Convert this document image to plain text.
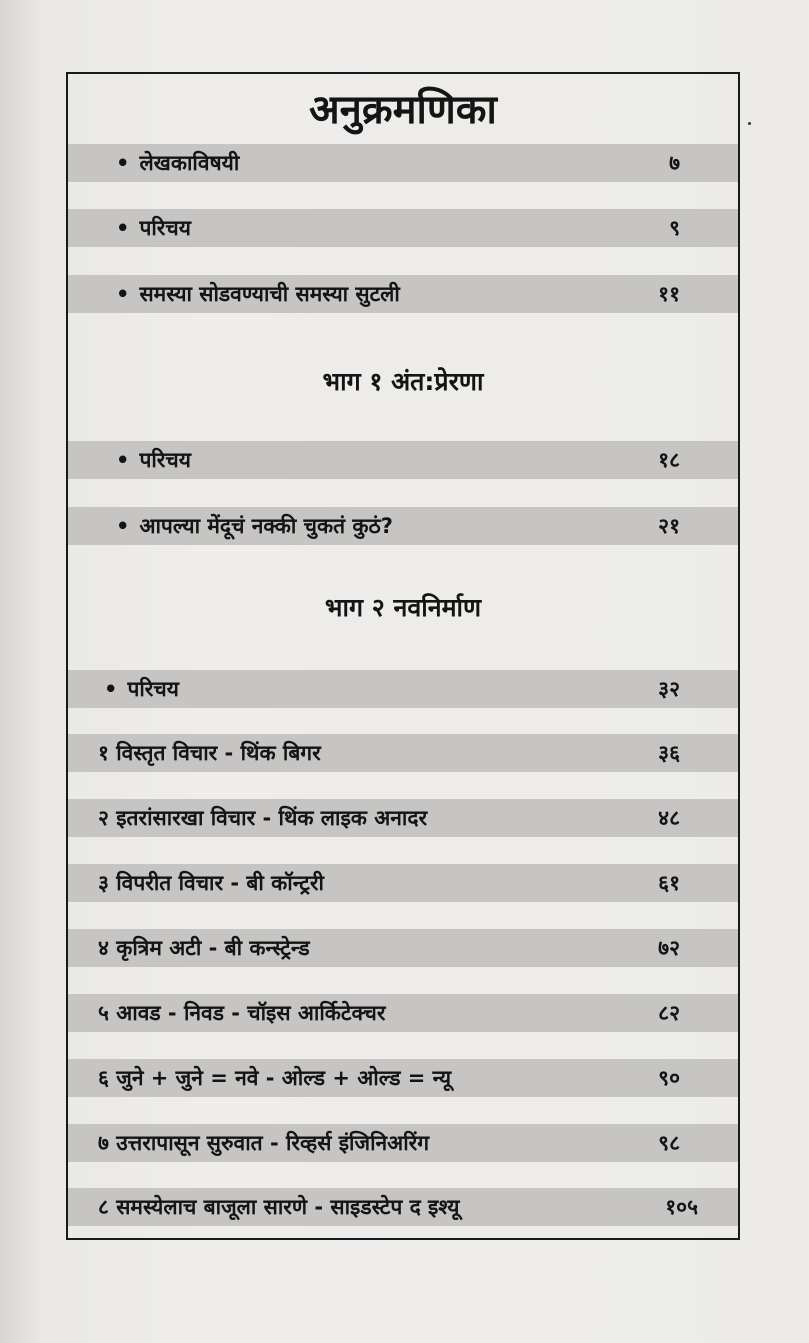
अनुक्रमणिका
• लेखकाविषयी	७
• परिचय	९
• समस्या सोडवण्याची समस्या सुटली	११
भाग १ अंत:प्रेरणा
• परिचय	१८
• आपल्या मेंदूचं नक्की चुकतं कुठं?	२१
भाग २ नवनिर्माण
• परिचय	३२
१ विस्तृत विचार - थिंक बिगर	३६
२ इतरांसारखा विचार - थिंक लाइक अनादर	४८
३ विपरीत विचार - बी कॉन्ट्ररी	६१
४ कृत्रिम अटी - बी कन्स्ट्रेन्ड	७२
५ आवड - निवड - चॉइस आर्किटेक्चर	८२
६ जुने + जुने = नवे - ओल्ड + ओल्ड = न्यू	९०
७ उत्तरापासून सुरुवात - रिव्हर्स इंजिनिअरिंग	९८
८ समस्येलाच बाजूला सारणे - साइडस्टेप द इश्यू	१०५
